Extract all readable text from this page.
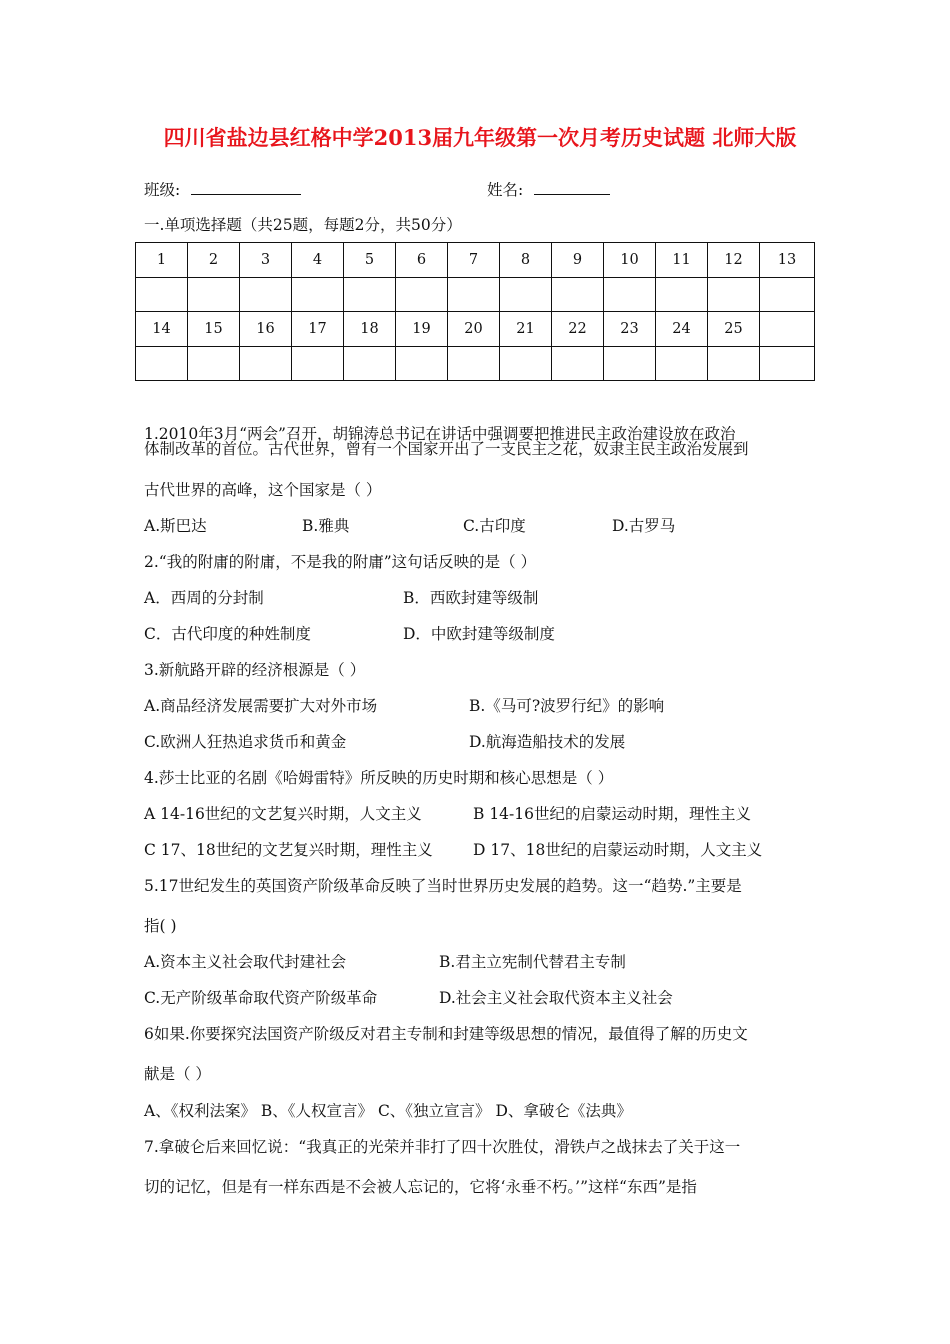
四川省盐边县红格中学2013届九年级第一次月考历史试题 北师大版
班级:	姓名:
一.单项选择题（共25题，每题2分，共50分）
1	2	3	4	5	6	7	8	9	10	11	12	13

14	15	16	17	18	19	20	21	22	23	24	25	

1.2010年3月“两会”召开，胡锦涛总书记在讲话中强调要把推进民主政治建设放在政治
体制改革的首位。古代世界，曾有一个国家开出了一支民主之花，奴隶主民主政治发展到
古代世界的高峰，这个国家是（ ）
A.斯巴达	B.雅典	C.古印度	D.古罗马
2.“我的附庸的附庸，不是我的附庸”这句话反映的是（ ）
A．西周的分封制	B．西欧封建等级制
C．古代印度的种姓制度	D．中欧封建等级制度
3.新航路开辟的经济根源是（ ）
A.商品经济发展需要扩大对外市场	B.《马可?波罗行纪》的影响
C.欧洲人狂热追求货币和黄金	D.航海造船技术的发展
4.莎士比亚的名剧《哈姆雷特》所反映的历史时期和核心思想是（ ）
A 14-16世纪的文艺复兴时期，人文主义	B 14-16世纪的启蒙运动时期，理性主义
C 17、18世纪的文艺复兴时期，理性主义	D 17、18世纪的启蒙运动时期，人文主义
5.17世纪发生的英国资产阶级革命反映了当时世界历史发展的趋势。这一“趋势.”主要是
指( )
A.资本主义社会取代封建社会	B.君主立宪制代替君主专制
C.无产阶级革命取代资产阶级革命	D.社会主义社会取代资本主义社会
6如果.你要探究法国资产阶级反对君主专制和封建等级思想的情况，最值得了解的历史文
献是（ ）
A、《权利法案》 B、《人权宣言》 C、《独立宣言》 D、拿破仑《法典》
7.拿破仑后来回忆说：“我真正的光荣并非打了四十次胜仗，滑铁卢之战抹去了关于这一
切的记忆，但是有一样东西是不会被人忘记的，它将‘永垂不朽。’”这样“东西”是指
